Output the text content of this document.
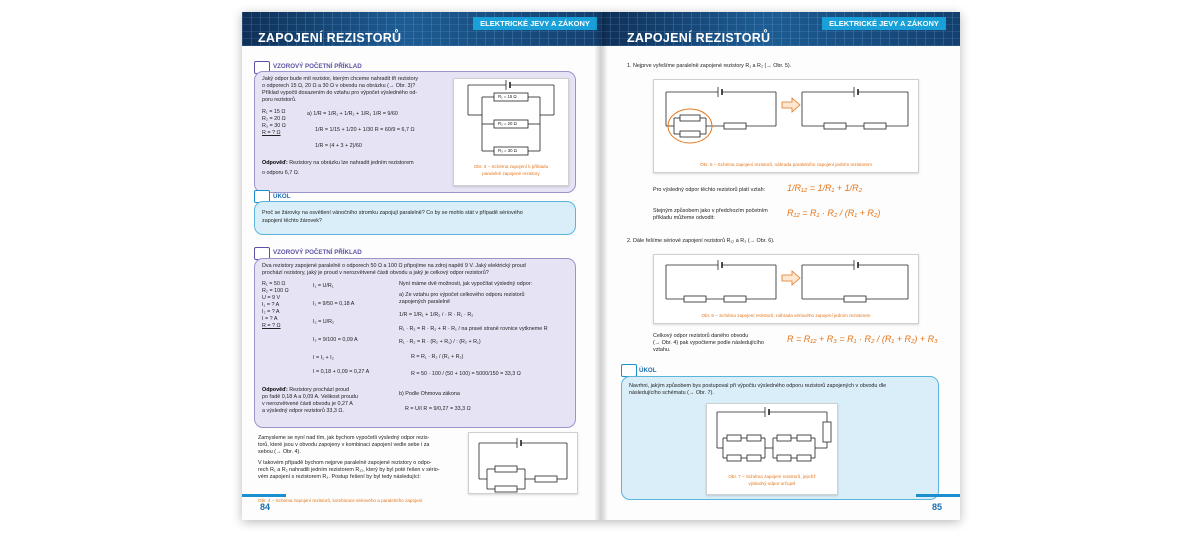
ELEKTRICKÉ JEVY A ZÁKONY
ZAPOJENÍ REZISTORŮ
VZOROVÝ POČETNÍ PŘÍKLAD
Jaký odpor bude mít rezistor, kterým chceme nahradit tři rezistory
o odporech 15 Ω, 20 Ω a 30 Ω v obvodu na obrázku (→ Obr. 3)?
Příklad vypočti dosazením do vztahu pro výpočet výsledného od-
poru rezistorů.
R₁ = 15 Ω
R₂ = 20 Ω
R₃ = 30 Ω
R = ? Ω
a) 1/R = 1/R₁ + 1/R₂ + 1/R₃ 1/R = 9/60
1/R = 1/15 + 1/20 + 1/30 R = 60/9 = 6,7 Ω
1/R = (4 + 3 + 2)/60
Odpověď: Rezistory na obrázku lze nahradit jedním rezistorem
o odporu 6,7 Ω.
R₁ = 15 Ω
R₂ = 20 Ω
R₃ = 30 Ω
Obr. 3 – Schéma zapojení k příkladu
paralelně zapojené rezistory
ÚKOL
Proč se žárovky na osvětlení vánočního stromku zapojují paralelně? Co by se mohlo stát v případě sériového
zapojení těchto žárovek?
VZOROVÝ POČETNÍ PŘÍKLAD
Dva rezistory zapojené paralelně o odporech 50 Ω a 100 Ω připojíme na zdroj napětí 9 V. Jaký elektrický proud
prochází rezistory, jaký je proud v nerozvětvené části obvodu a jaký je celkový odpor rezistorů?
R₁ = 50 Ω
R₂ = 100 Ω
U = 9 V
I₁ = ? A
I₂ = ? A
I = ? A
R = ? Ω
I₁ = U/R₁
I₁ = 9/50 = 0,18 A
I₂ = U/R₂
I₂ = 9/100 = 0,09 A
I = I₁ + I₂
I = 0,18 + 0,09 = 0,27 A
Nyní máme dvě možnosti, jak vypočítat výsledný odpor:
a) Ze vztahu pro výpočet celkového odporu rezistorů
zapojených paralelně
1/R = 1/R₁ + 1/R₂ / · R · R₁ · R₂
R₁ · R₂ = R · R₂ + R · R₁ / na pravé straně rovnice vytkneme R
R₁ · R₂ = R · (R₂ + R₁) / : (R₂ + R₁)
R = R₁ · R₂ / (R₁ + R₂)
R = 50 · 100 / (50 + 100) = 5000/150 = 33,3 Ω
b) Podle Ohmova zákona
R = U/I R = 9/0,27 = 33,3 Ω
Odpověď: Rezistory prochází proud
po řadě 0,18 A a 0,09 A. Velikost proudu
v nerozvětvené části obvodu je 0,27 A
a výsledný odpor rezistorů 33,3 Ω.
Zamysleme se nyní nad tím, jak bychom vypočetli výsledný odpor rezis-
torů, které jsou v obvodu zapojeny v kombinaci zapojení vedle sebe i za
sebou (→ Obr. 4).
V takovém případě bychom nejprve paralelně zapojené rezistory o odpo-
rech R₁ a R₂ nahradili jedním rezistorem R₁₂, který by byl poté řešen v sério-
vém zapojení s rezistorem R₃. Postup řešení by byl tedy následující:
Obr. 4 – Schéma zapojení rezistorů, kombinace sériového a paralelního zapojení
84
ELEKTRICKÉ JEVY A ZÁKONY
ZAPOJENÍ REZISTORŮ
1. Nejprve vyřešíme paralelně zapojené rezistory R₁ a R₂ (→ Obr. 5).
Obr. 5 – Schéma zapojení rezistorů, náhrada paralelního zapojení jedním rezistorem
Pro výsledný odpor těchto rezistorů platí vztah: 1/R₁₂ = 1/R₁ + 1/R₂
Stejným způsobem jako v předchozím početním
příkladu můžeme odvodit:	R₁₂ = R₁ · R₂ / (R₁ + R₂)
2. Dále řešíme sériové zapojení rezistorů R₁₂ a R₃ (→ Obr. 6).
Obr. 6 – Schéma zapojení rezistorů, náhrada sériového zapojení jedním rezistorem
Celkový odpor rezistorů daného obvodu
(→ Obr. 4) pak vypočteme podle následujícího
vztahu.
R = R₁₂ + R₃ = R₁ · R₂ / (R₁ + R₂) + R₃
ÚKOL
Navrhni, jakým způsobem bys postupoval při výpočtu výsledného odporu rezistorů zapojených v obvodu dle
následujícího schématu (→ Obr. 7).
Obr. 7 – Schéma zapojení rezistorů, jejichž
výsledný odpor určuješ
85
